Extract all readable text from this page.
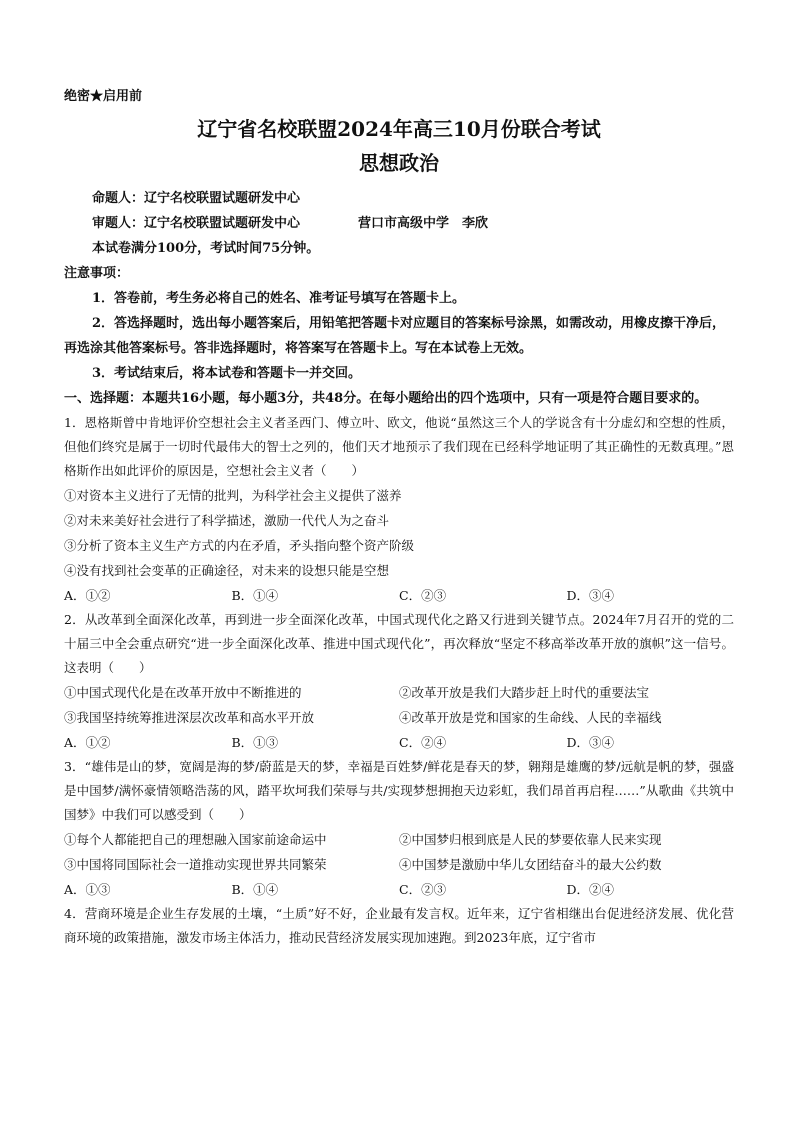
绝密★启用前
辽宁省名校联盟2024年高三10月份联合考试
思想政治
命题人：辽宁名校联盟试题研发中心
审题人：辽宁名校联盟试题研发中心	营口市高级中学　李欣
本试卷满分100分，考试时间75分钟。
注意事项：

1．答卷前，考生务必将自己的姓名、准考证号填写在答题卡上。

2．答选择题时，选出每小题答案后，用铅笔把答题卡对应题目的答案标号涂黑，如需改动，用橡皮擦干净后，再选涂其他答案标号。答非选择题时，将答案写在答题卡上。写在本试卷上无效。

3．考试结束后，将本试卷和答题卡一并交回。

一、选择题：本题共16小题，每小题3分，共48分。在每小题给出的四个选项中，只有一项是符合题目要求的。

1．恩格斯曾中肯地评价空想社会主义者圣西门、傅立叶、欧文，他说“虽然这三个人的学说含有十分虚幻和空想的性质，但他们终究是属于一切时代最伟大的智士之列的，他们天才地预示了我们现在已经科学地证明了其正确性的无数真理。”恩格斯作出如此评价的原因是，空想社会主义者（　　）

①对资本主义进行了无情的批判，为科学社会主义提供了滋养

②对未来美好社会进行了科学描述，激励一代代人为之奋斗

③分析了资本主义生产方式的内在矛盾，矛头指向整个资产阶级

④没有找到社会变革的正确途径，对未来的设想只能是空想

A．①②	B．①④	C．②③	D．③④

2．从改革到全面深化改革，再到进一步全面深化改革，中国式现代化之路又行进到关键节点。2024年7月召开的党的二十届三中全会重点研究“进一步全面深化改革、推进中国式现代化”，再次释放“坚定不移高举改革开放的旗帜”这一信号。这表明（　　）

①中国式现代化是在改革开放中不断推进的	②改革开放是我们大踏步赶上时代的重要法宝
③我国坚持统筹推进深层次改革和高水平开放	④改革开放是党和国家的生命线、人民的幸福线
A．①②	B．①③	C．②④	D．③④

3．“雄伟是山的梦，宽阔是海的梦/蔚蓝是天的梦，幸福是百姓梦/鲜花是春天的梦，翱翔是雄鹰的梦/远航是帆的梦，强盛是中国梦/满怀豪情领略浩荡的风，踏平坎坷我们荣辱与共/实现梦想拥抱天边彩虹，我们昂首再启程……”从歌曲《共筑中国梦》中我们可以感受到（　　）

①每个人都能把自己的理想融入国家前途命运中	②中国梦归根到底是人民的梦要依靠人民来实现
③中国将同国际社会一道推动实现世界共同繁荣	④中国梦是激励中华儿女团结奋斗的最大公约数
A．①③	B．①④	C．②③	D．②④

4．营商环境是企业生存发展的土壤，“土质”好不好，企业最有发言权。近年来，辽宁省相继出台促进经济发展、优化营商环境的政策措施，激发市场主体活力，推动民营经济发展实现加速跑。到2023年底，辽宁省市
